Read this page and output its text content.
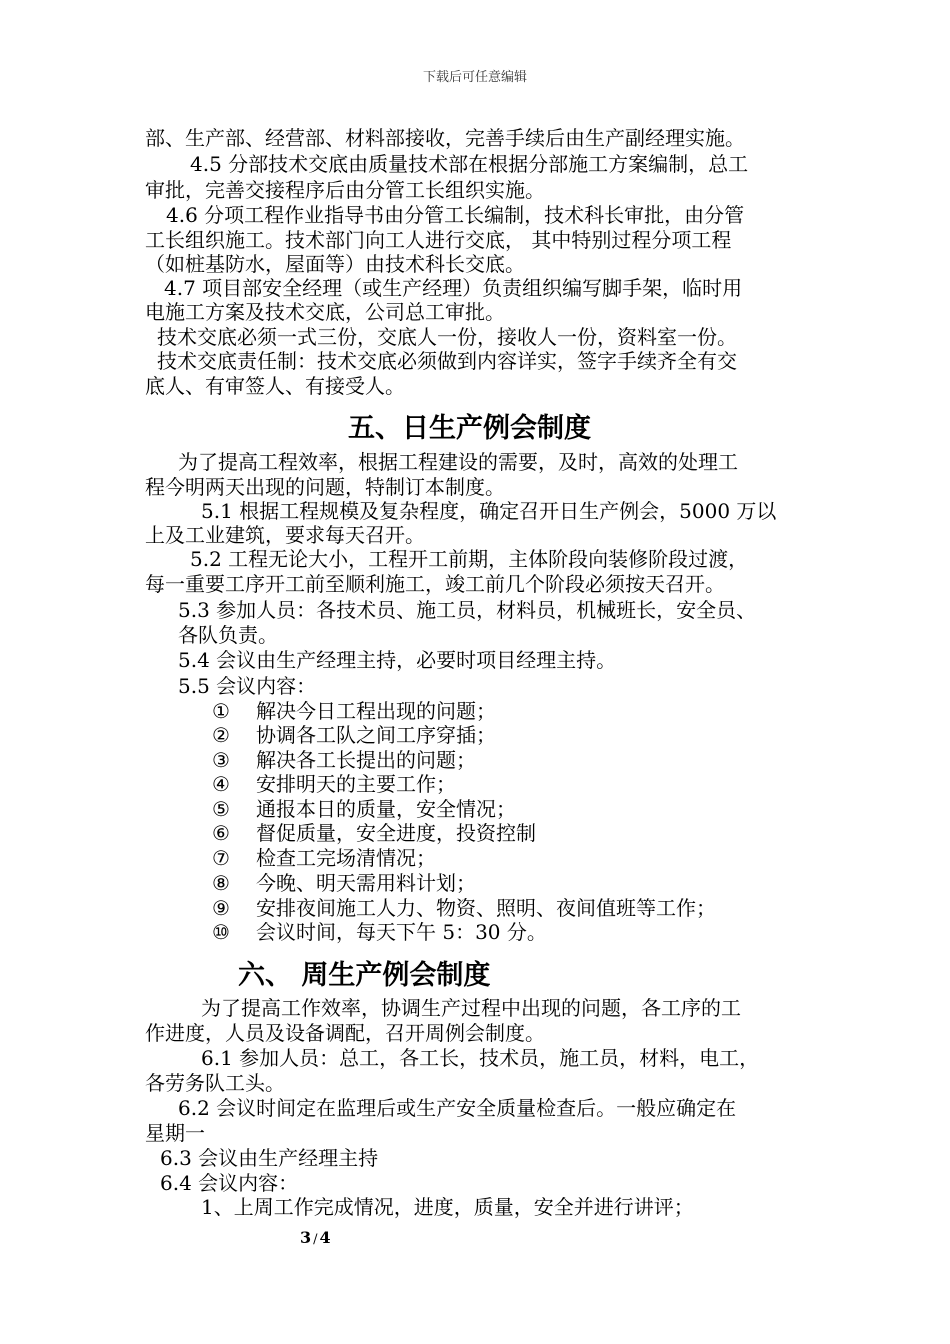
下载后可任意编辑
部、生产部、经营部、材料部接收，完善手续后由生产副经理实施。
4.5 分部技术交底由质量技术部在根据分部施工方案编制，总工
审批，完善交接程序后由分管工长组织实施。
4.6 分项工程作业指导书由分管工长编制，技术科长审批，由分管
工长组织施工。技术部门向工人进行交底， 其中特别过程分项工程
（如桩基防水，屋面等）由技术科长交底。
4.7 项目部安全经理（或生产经理）负责组织编写脚手架，临时用
电施工方案及技术交底，公司总工审批。
技术交底必须一式三份，交底人一份，接收人一份，资料室一份。
技术交底责任制：技术交底必须做到内容详实，签字手续齐全有交
底人、有审签人、有接受人。
五、日生产例会制度
为了提高工程效率，根据工程建设的需要，及时，高效的处理工
程今明两天出现的问题，特制订本制度。
5.1 根据工程规模及复杂程度，确定召开日生产例会，5000 万以
上及工业建筑，要求每天召开。
5.2 工程无论大小，工程开工前期，主体阶段向装修阶段过渡，
每一重要工序开工前至顺利施工，竣工前几个阶段必须按天召开。
5.3 参加人员：各技术员、施工员，材料员，机械班长，安全员、
各队负责。
5.4 会议由生产经理主持，必要时项目经理主持。
5.5 会议内容：
① 解决今日工程出现的问题；
② 协调各工队之间工序穿插；
③ 解决各工长提出的问题；
④ 安排明天的主要工作；
⑤ 通报本日的质量，安全情况；
⑥ 督促质量，安全进度，投资控制
⑦ 检查工完场清情况；
⑧ 今晚、明天需用料计划；
⑨ 安排夜间施工人力、物资、照明、夜间值班等工作；
⑩ 会议时间，每天下午 5：30 分。
六、 周生产例会制度
为了提高工作效率，协调生产过程中出现的问题，各工序的工
作进度，人员及设备调配，召开周例会制度。
6.1 参加人员：总工，各工长，技术员，施工员，材料，电工，
各劳务队工头。
6.2 会议时间定在监理后或生产安全质量检查后。一般应确定在
星期一
6.3 会议由生产经理主持
6.4 会议内容：
1、上周工作完成情况，进度，质量，安全并进行讲评；
3 / 4
